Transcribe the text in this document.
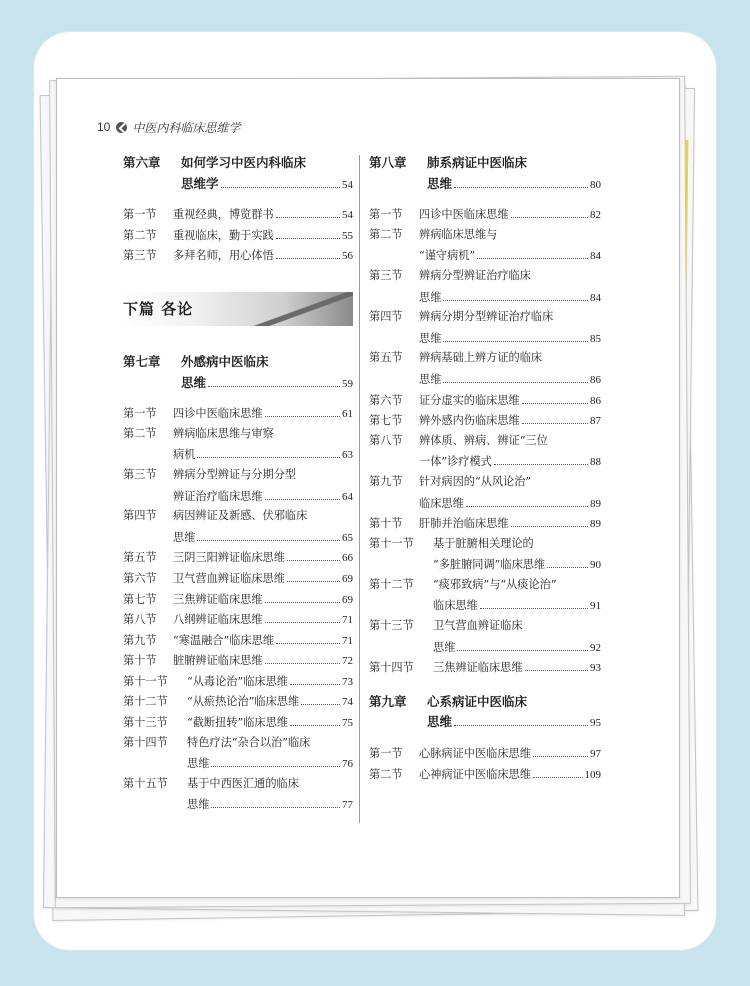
10 中医内科临床思维学
第六章	如何学习中医内科临床
思维学	54
第一节	重视经典，博览群书	54
第二节	重视临床，勤于实践	55
第三节	多拜名师，用心体悟	56
下篇 各论
第七章	外感病中医临床
思维	59
第一节	四诊中医临床思维	61
第二节	辨病临床思维与审察
病机	63
第三节	辨病分型辨证与分期分型
辨证治疗临床思维	64
第四节	病因辨证及新感、伏邪临床
思维	65
第五节	三阴三阳辨证临床思维	66
第六节	卫气营血辨证临床思维	69
第七节	三焦辨证临床思维	69
第八节	八纲辨证临床思维	71
第九节	“寒温融合”临床思维	71
第十节	脏腑辨证临床思维	72
第十一节	“从毒论治”临床思维	73
第十二节	“从瘀热论治”临床思维	74
第十三节	“截断扭转”临床思维	75
第十四节	特色疗法“杂合以治”临床
思维	76
第十五节	基于中西医汇通的临床
思维	77
第八章	肺系病证中医临床
思维	80
第一节	四诊中医临床思维	82
第二节	辨病临床思维与
“谨守病机”	84
第三节	辨病分型辨证治疗临床
思维	84
第四节	辨病分期分型辨证治疗临床
思维	85
第五节	辨病基础上辨方证的临床
思维	86
第六节	证分虚实的临床思维	86
第七节	辨外感内伤临床思维	87
第八节	辨体质、辨病、辨证“三位
一体”诊疗模式	88
第九节	针对病因的“从风论治”
临床思维	89
第十节	肝肺并治临床思维	89
第十一节	基于脏腑相关理论的
“多脏腑同调”临床思维	90
第十二节	“痰邪致病”与“从痰论治”
临床思维	91
第十三节	卫气营血辨证临床
思维	92
第十四节	三焦辨证临床思维	93
第九章	心系病证中医临床
思维	95
第一节	心脉病证中医临床思维	97
第二节	心神病证中医临床思维	109
